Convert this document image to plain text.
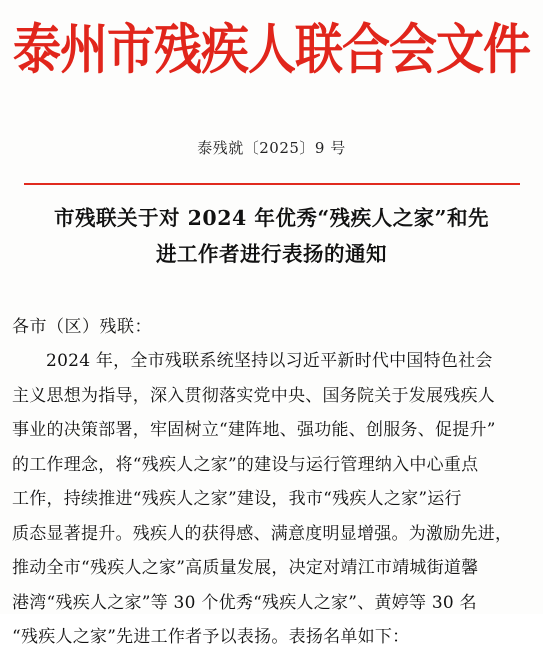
泰州市残疾人联合会文件
泰残就〔2025〕9 号
市残联关于对 2024 年优秀“残疾人之家”和先
进工作者进行表扬的通知
各市（区）残联：
2024 年，全市残联系统坚持以习近平新时代中国特色社会
主义思想为指导，深入贯彻落实党中央、国务院关于发展残疾人
事业的决策部署，牢固树立“建阵地、强功能、创服务、促提升”
的工作理念，将“残疾人之家”的建设与运行管理纳入中心重点
工作，持续推进“残疾人之家”建设，我市“残疾人之家”运行
质态显著提升。残疾人的获得感、满意度明显增强。为激励先进，
推动全市“残疾人之家”高质量发展，决定对靖江市靖城街道馨
港湾“残疾人之家”等 30 个优秀“残疾人之家”、黄婷等 30 名
“残疾人之家”先进工作者予以表扬。表扬名单如下：
